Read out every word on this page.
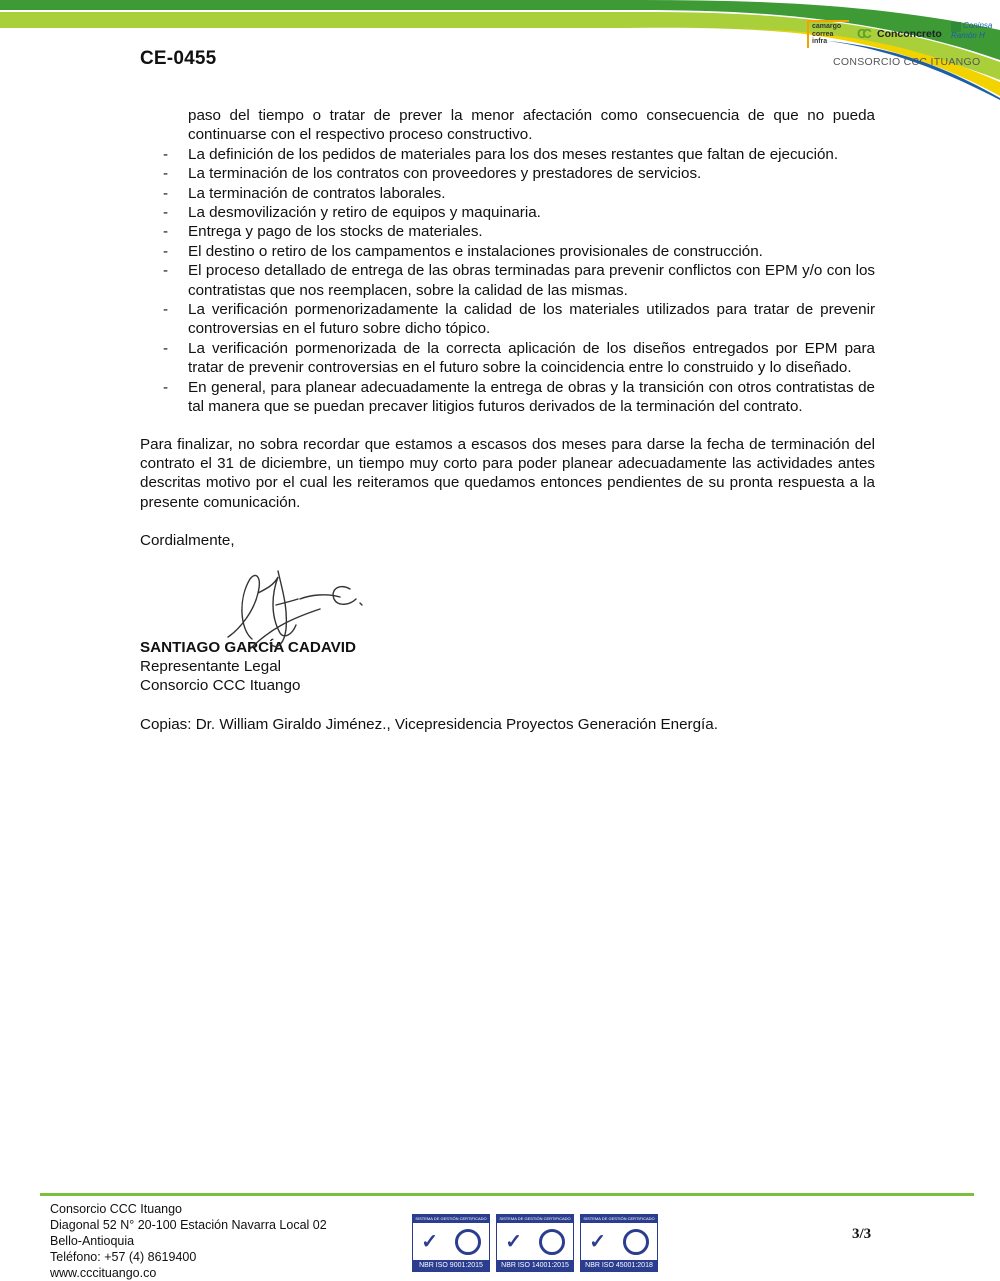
CE-0455
camargo correa infra
CC Conconcreto
Coninsa Ramón H
CONSORCIO CCC ITUANGO
paso del tiempo o tratar de prever la menor afectación como consecuencia de que no pueda continuarse con el respectivo proceso constructivo.
- La definición de los pedidos de materiales para los dos meses restantes que faltan de ejecución.
- La terminación de los contratos con proveedores y prestadores de servicios.
- La terminación de contratos laborales.
- La desmovilización y retiro de equipos y maquinaria.
- Entrega y pago de los stocks de materiales.
- El destino o retiro de los campamentos e instalaciones provisionales de construcción.
- El proceso detallado de entrega de las obras terminadas para prevenir conflictos con EPM y/o con los contratistas que nos reemplacen, sobre la calidad de las mismas.
- La verificación pormenorizadamente la calidad de los materiales utilizados para tratar de prevenir controversias en el futuro sobre dicho tópico.
- La verificación pormenorizada de la correcta aplicación de los diseños entregados por EPM para tratar de prevenir controversias en el futuro sobre la coincidencia entre lo construido y lo diseñado.
- En general, para planear adecuadamente la entrega de obras y la transición con otros contratistas de tal manera que se puedan precaver litigios futuros derivados de la terminación del contrato.
Para finalizar, no sobra recordar que estamos a escasos dos meses para darse la fecha de terminación del contrato el 31 de diciembre, un tiempo muy corto para poder planear adecuadamente las actividades antes descritas motivo por el cual les reiteramos que quedamos entonces pendientes de su pronta respuesta a la presente comunicación.
Cordialmente,
SANTIAGO GARCÍA CADAVID
Representante Legal
Consorcio CCC Ituango
Copias: Dr. William Giraldo Jiménez., Vicepresidencia Proyectos Generación Energía.
Consorcio CCC Ituango
Diagonal 52 N° 20-100 Estación Navarra Local 02
Bello-Antioquia
Teléfono: +57 (4) 8619400
www.cccituango.co
SISTEMA DE GESTIÓN CERTIFICADO
✓
NBR ISO 9001:2015
SISTEMA DE GESTIÓN CERTIFICADO
✓
NBR ISO 14001:2015
SISTEMA DE GESTIÓN CERTIFICADO
✓
NBR ISO 45001:2018
3/3
